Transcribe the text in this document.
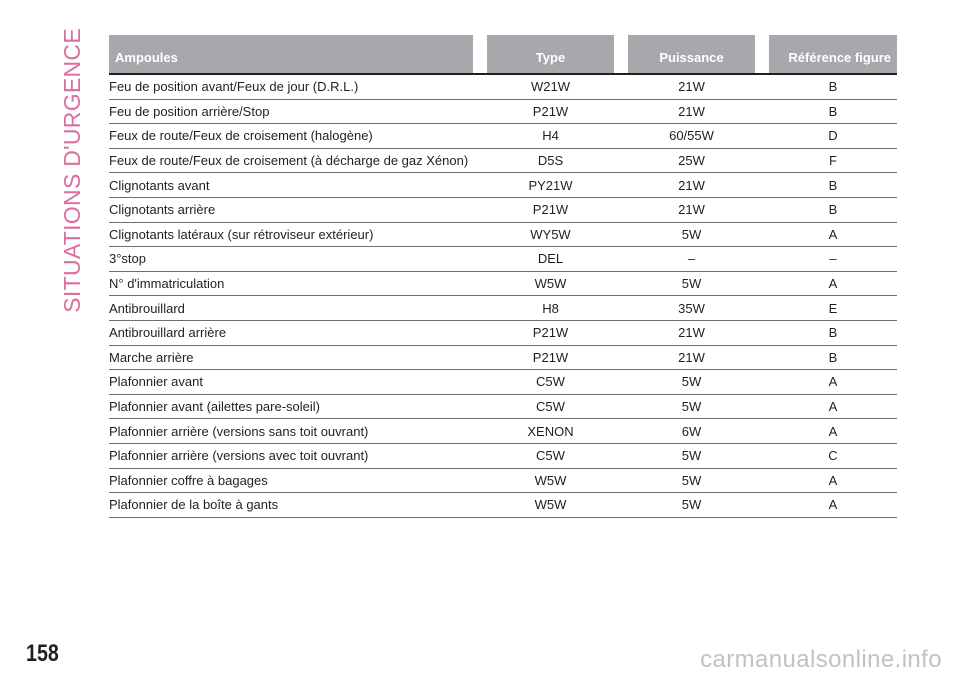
SITUATIONS D'URGENCE Ampoules		Type		Puissance		Référence figure
Feu de position avant/Feux de jour (D.R.L.)		W21W		21W		B
Feu de position arrière/Stop		P21W		21W		B
Feux de route/Feux de croisement (halogène)		H4		60/55W		D
Feux de route/Feux de croisement (à décharge de gaz Xénon)		D5S		25W		F
Clignotants avant		PY21W		21W		B
Clignotants arrière		P21W		21W		B
Clignotants latéraux (sur rétroviseur extérieur)		WY5W		5W		A
3°stop		DEL		–		–
N° d'immatriculation		W5W		5W		A
Antibrouillard		H8		35W		E
Antibrouillard arrière		P21W		21W		B
Marche arrière		P21W		21W		B
Plafonnier avant		C5W		5W		A
Plafonnier avant (ailettes pare-soleil)		C5W		5W		A
Plafonnier arrière (versions sans toit ouvrant)		XENON		6W		A
Plafonnier arrière (versions avec toit ouvrant)		C5W		5W		C
Plafonnier coffre à bagages		W5W		5W		A
Plafonnier de la boîte à gants		W5W		5W		A
158	carmanualsonline.info
